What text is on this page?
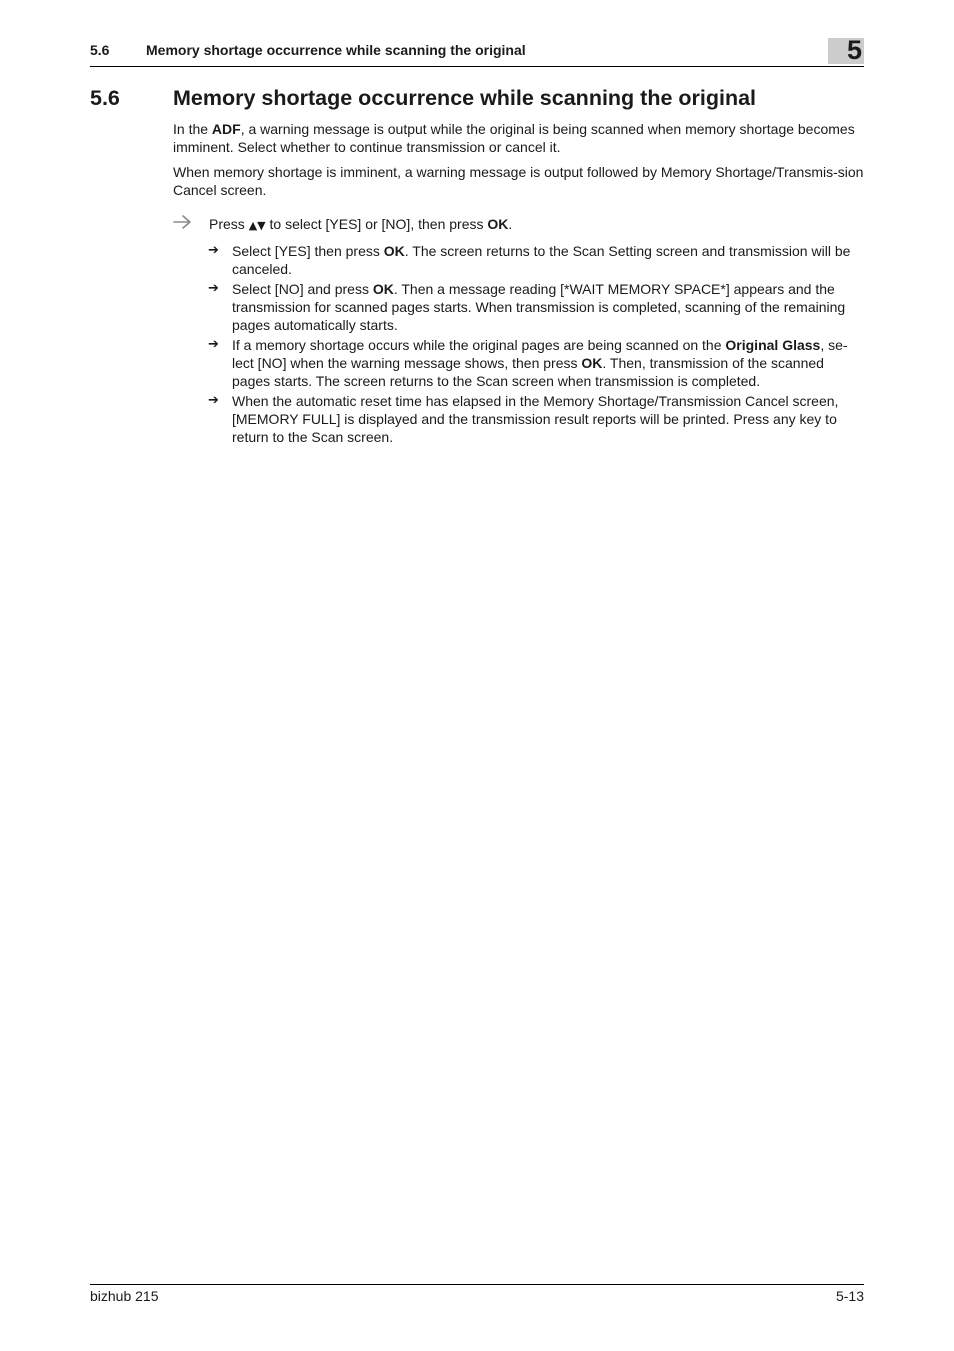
5.6	Memory shortage occurrence while scanning the original	5
5.6 Memory shortage occurrence while scanning the original

In the ADF, a warning message is output while the original is being scanned when memory shortage becomes imminent. Select whether to continue transmission or cancel it.

When memory shortage is imminent, a warning message is output followed by Memory Shortage/Transmis-sion Cancel screen.

Press ▲▼ to select [YES] or [NO], then press OK.
➔ Select [YES] then press OK. The screen returns to the Scan Setting screen and transmission will be canceled.
➔ Select [NO] and press OK. Then a message reading [*WAIT MEMORY SPACE*] appears and the transmission for scanned pages starts. When transmission is completed, scanning of the remaining pages automatically starts.
➔ If a memory shortage occurs while the original pages are being scanned on the Original Glass, se-lect [NO] when the warning message shows, then press OK. Then, transmission of the scanned pages starts. The screen returns to the Scan screen when transmission is completed.
➔ When the automatic reset time has elapsed in the Memory Shortage/Transmission Cancel screen, [MEMORY FULL] is displayed and the transmission result reports will be printed. Press any key to return to the Scan screen.
bizhub 215	5-13
